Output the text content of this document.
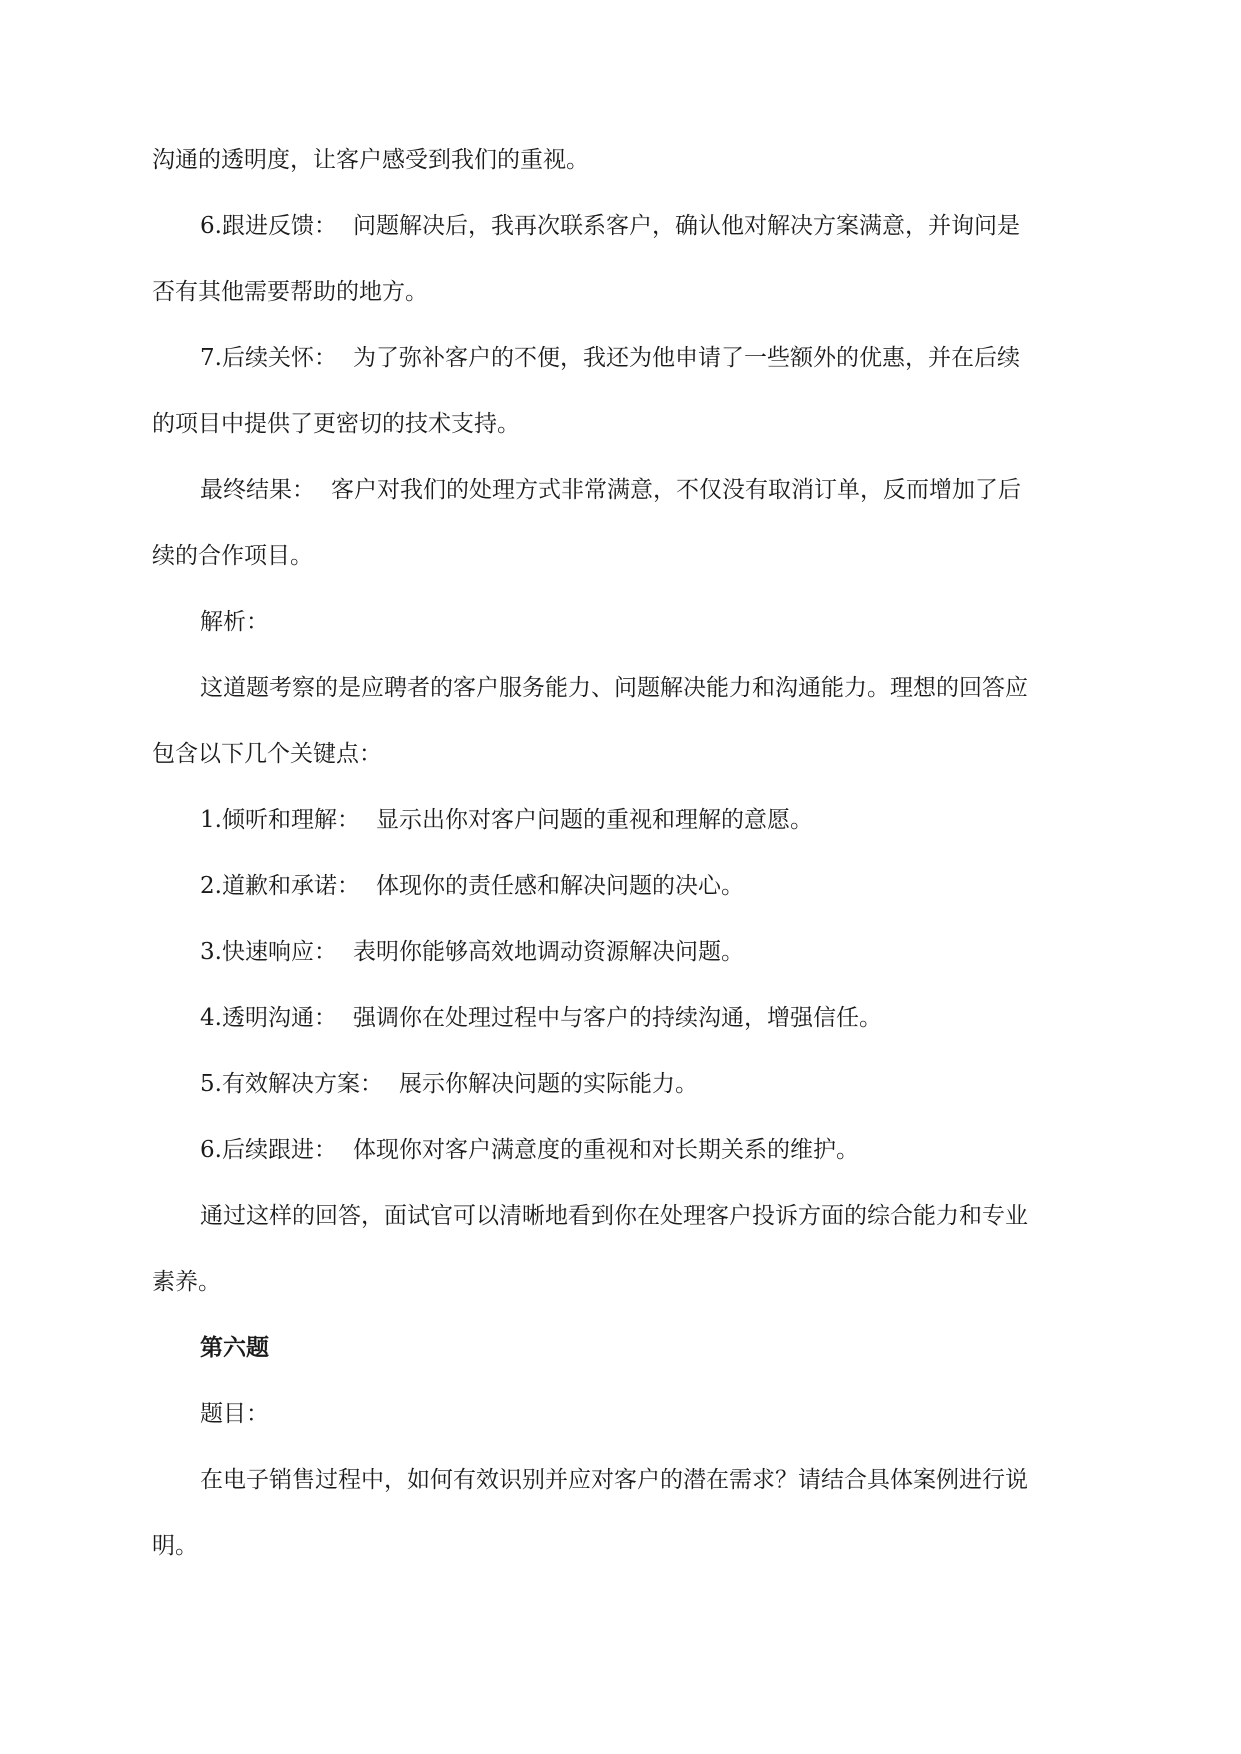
沟通的透明度，让客户感受到我们的重视。

6.跟进反馈： 问题解决后，我再次联系客户，确认他对解决方案满意，并询问是

否有其他需要帮助的地方。

7.后续关怀： 为了弥补客户的不便，我还为他申请了一些额外的优惠，并在后续

的项目中提供了更密切的技术支持。

最终结果： 客户对我们的处理方式非常满意，不仅没有取消订单，反而增加了后

续的合作项目。

解析：

这道题考察的是应聘者的客户服务能力、问题解决能力和沟通能力。理想的回答应

包含以下几个关键点：

1.倾听和理解： 显示出你对客户问题的重视和理解的意愿。

2.道歉和承诺： 体现你的责任感和解决问题的决心。

3.快速响应： 表明你能够高效地调动资源解决问题。

4.透明沟通： 强调你在处理过程中与客户的持续沟通，增强信任。

5.有效解决方案： 展示你解决问题的实际能力。

6.后续跟进： 体现你对客户满意度的重视和对长期关系的维护。

通过这样的回答，面试官可以清晰地看到你在处理客户投诉方面的综合能力和专业

素养。

第六题

题目：

在电子销售过程中，如何有效识别并应对客户的潜在需求？请结合具体案例进行说

明。
